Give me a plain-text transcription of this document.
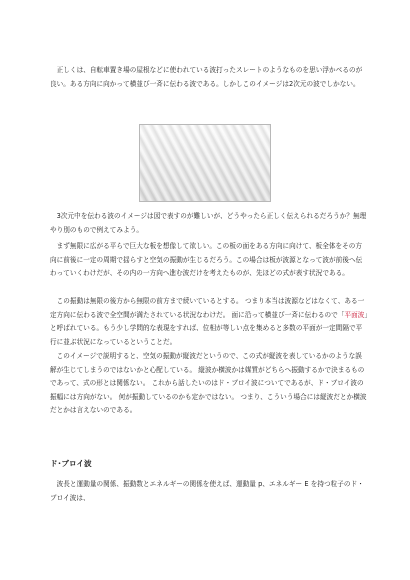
　正しくは、自転車置き場の屋根などに使われている波打ったスレートのようなものを思い浮かべるのが良い。ある方向に向かって横並び一斉に伝わる波である。しかしこのイメージは2次元の波でしかない。

　3次元中を伝わる波のイメージは図で表すのが難しいが、どうやったら正しく伝えられるだろうか？無理やり別のもので例えてみよう。

　まず無限に広がる平らで巨大な板を想像して欲しい。この板の面をある方向に向けて、板全体をその方向に前後に一定の周期で揺らすと空気の振動が生じるだろう。この場合は板が波源となって波が前後へ伝わっていくわけだが、その内の一方向へ進む波だけを考えたものが、先ほどの式が表す状況である。

　この振動は無限の後方から無限の前方まで続いているとする。 つまり本当は波源などはなくて、ある一定方向に伝わる波で全空間が満たされている状況なわけだ。 面に沿って横並び一斉に伝わるので「平面波」と呼ばれている。もう少し学問的な表現をすれば、位相が等しい点を集めると多数の平面が一定間隔で平行に並ぶ状況になっているということだ。

　このイメージで説明すると、空気の振動が縦波だというので、この式が縦波を表しているかのような誤解が生じてしまうのではないかと心配している。 縦波か横波かは媒質がどちらへ振動するかで決まるものであって、式の形とは関係ない。 これから話したいのはド・ブロイ波についてであるが、ド・ブロイ波の振幅には方向がない。 何が振動しているのかも定かではない。 つまり、こういう場合には縦波だとか横波だとかは言えないのである。

ド･ブロイ波

　波長と運動量の関係、振動数とエネルギーの関係を使えば、運動量 p、エネルギー E を持つ粒子のド・ブロイ波は、
